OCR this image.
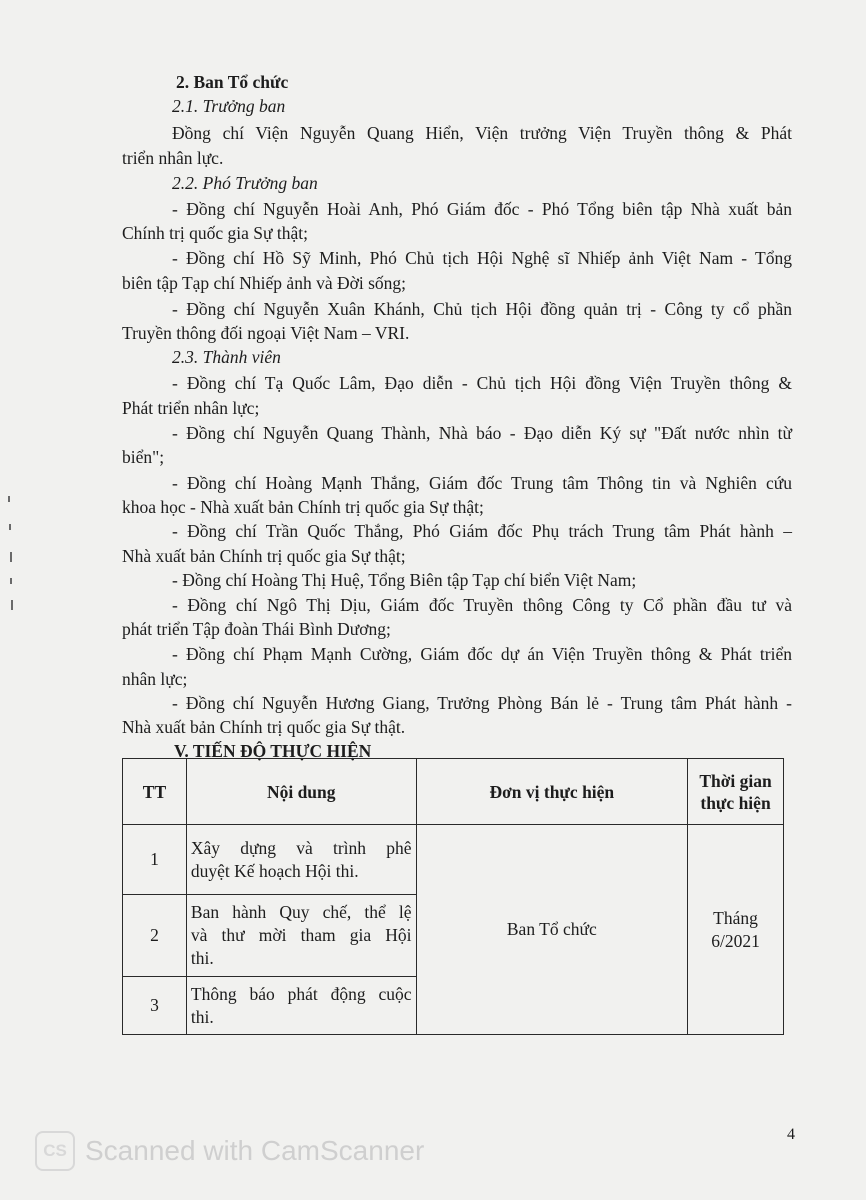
2. Ban Tổ chức
2.1. Trưởng ban
Đồng chí Viện Nguyễn Quang Hiển, Viện trưởng Viện Truyền thông & Phát
triển nhân lực.
2.2. Phó Trưởng ban
- Đồng chí Nguyễn Hoài Anh, Phó Giám đốc - Phó Tổng biên tập Nhà xuất bản
Chính trị quốc gia Sự thật;
- Đồng chí Hồ Sỹ Minh, Phó Chủ tịch Hội Nghệ sĩ Nhiếp ảnh Việt Nam - Tổng
biên tập Tạp chí Nhiếp ảnh và Đời sống;
- Đồng chí Nguyễn Xuân Khánh, Chủ tịch Hội đồng quản trị - Công ty cổ phần
Truyền thông đối ngoại Việt Nam – VRI.
2.3. Thành viên
- Đồng chí Tạ Quốc Lâm, Đạo diễn - Chủ tịch Hội đồng Viện Truyền thông &
Phát triển nhân lực;
- Đồng chí Nguyễn Quang Thành, Nhà báo - Đạo diễn Ký sự "Đất nước nhìn từ
biển";
- Đồng chí Hoàng Mạnh Thắng, Giám đốc Trung tâm Thông tin và Nghiên cứu
khoa học - Nhà xuất bản Chính trị quốc gia Sự thật;
- Đồng chí Trần Quốc Thắng, Phó Giám đốc Phụ trách Trung tâm Phát hành –
Nhà xuất bản Chính trị quốc gia Sự thật;
- Đồng chí Hoàng Thị Huệ, Tổng Biên tập Tạp chí biển Việt Nam;
- Đồng chí Ngô Thị Dịu, Giám đốc Truyền thông Công ty Cổ phần đầu tư và
phát triển Tập đoàn Thái Bình Dương;
- Đồng chí Phạm Mạnh Cường, Giám đốc dự án Viện Truyền thông & Phát triển
nhân lực;
- Đồng chí Nguyễn Hương Giang, Trưởng Phòng Bán lẻ - Trung tâm Phát hành -
Nhà xuất bản Chính trị quốc gia Sự thật.
V. TIẾN ĐỘ THỰC HIỆN
TT	Nội dung	Đơn vị thực hiện	Thời gian
thực hiện

1	Xây dựng và trình phê
duyệt Kế hoạch Hội thi.	Ban Tổ chức	Tháng
6/2021

2	Ban hành Quy chế, thể lệ
và thư mời tham gia Hội
thi.		

3	Thông báo phát động cuộc
thi.		
CS Scanned with CamScanner
4
